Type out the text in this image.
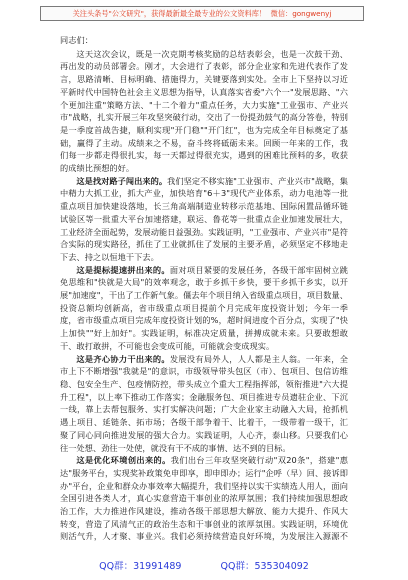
关注头条号"公文研究"，获得最新最全最专业的公文资料库！ 微信：gongwenyj

同志们：

这天这次会议，既是一次克期考核奖励的总结表彰会，也是一次鼓干劲、再出发的动员部署会。刚才，大会进行了表彰，部分企业家和先进代表作了发言，思路清晰、目标明确、措施得力，关键要落到实处。全市上下坚持以习近平新时代中国特色社会主义思想为指导，认真落实省委"六个一"发展思路、"六个更加注重"策略方法、"十二个着力"重点任务，大力实施"工业强市、产业兴市"战略，扎实开展三年攻坚突破行动，交出了一份提劲鼓气的高分答卷，特别是一季度首战告捷，顺利实现"开门稳""开门红"，也为完成全年目标奠定了基础，赢得了主动。成绩来之不易，奋斗终将砥砺未来。回顾一年来的工作，我们每一步都走得很扎实，每一天都过得很充实，遇到的困难比预料的多，收获的成绩比预想的好。

这是找对路子闯出来的。我们坚定不移实施"工业强市、产业兴市"战略，集中精力大抓工业，抓大产业，加快培育"6＋3"现代产业体系，动力电池等一批重点项目加快建设落地，长三角高端制造业转移示范基地、国际闲置品循环链试验区等一批重大平台加速搭建，联运、鲁花等一批重点企业加速发展壮大，工业经济全面起势，发展动能日益强劲。实践证明，"工业强市、产业兴市"是符合实际的现实路径，抓住了工业就抓住了发展的主要矛盾，必须坚定不移地走下去、持之以恒地干下去。

这是提标提速拼出来的。面对项目紧要的发展任务，各级干部牢固树立跳免思维和"快就是大局"的效率观念，敢于乡抓干乡快，要干乡抓干乡实，以开展"加速度"，干出了工作新气象。僵去年个项目纳入省级重点项目，项目数量、投资总额均创新高，省市级重点项目提前个月完成年度投资计划；今年一季度，省市级重点项目完成年度投资计划的%，超时间进度个百分点，实现了"快上加快""好上加好"。实践证明，标准决定质量，拼搏成就未来。只要敢想敢干、敢打敢拼，不可能也会变成可能，可能就会变成现实。

这是齐心协力干出来的。发展没有局外人，人人都是主人翁。一年来，全市上下不断增强"我就是"的意识，市级领导带头包区（市）、包项目、包信访维稳、包安全生产、包疫情防控，带头成立个重大工程指挥部，领衔推进"六大提升工程"，以上率下推动工作落实；金融服务包、项目推进专员遗驻企业、下沉一线，靠上去帮包服务、实打实解决问题；广大企业家主动融入大局，抢抓机遇上项目、延链条、拓市场；各级干部争着干、比着干，一级带着一级干，汇聚了同心同向推进发展的强大合力。实践证明，人心齐，泰山移。只要我们心往一处想、劲往一处使，就没有干不成的事情、达不到的目标。

这是优化环境创出来的。我们出台三年攻坚突破行动"双20条"，搭建"惠达"服务平台，实现奖补政策免申即享，即申即办；运行"企呼（早）回、接诉即办"平台，企业和群众办事效率大幅提升，我们坚持以实干实绩选人用人，面向全国引进各类人才，真心实意营造干事创业的浓厚氛围；我们持续加强思想政治工作，大力推进作风建设，推动各级干部思想大解放、能力大提升、作风大转变，营造了风清气正的政治生态和干事创业的浓厚氛围。实践证明，环境优则活气升，人才聚、事业兴。我们必须持续营造良好环境，为发展注入源源不

QQ群：31991489	QQ群：535304092
